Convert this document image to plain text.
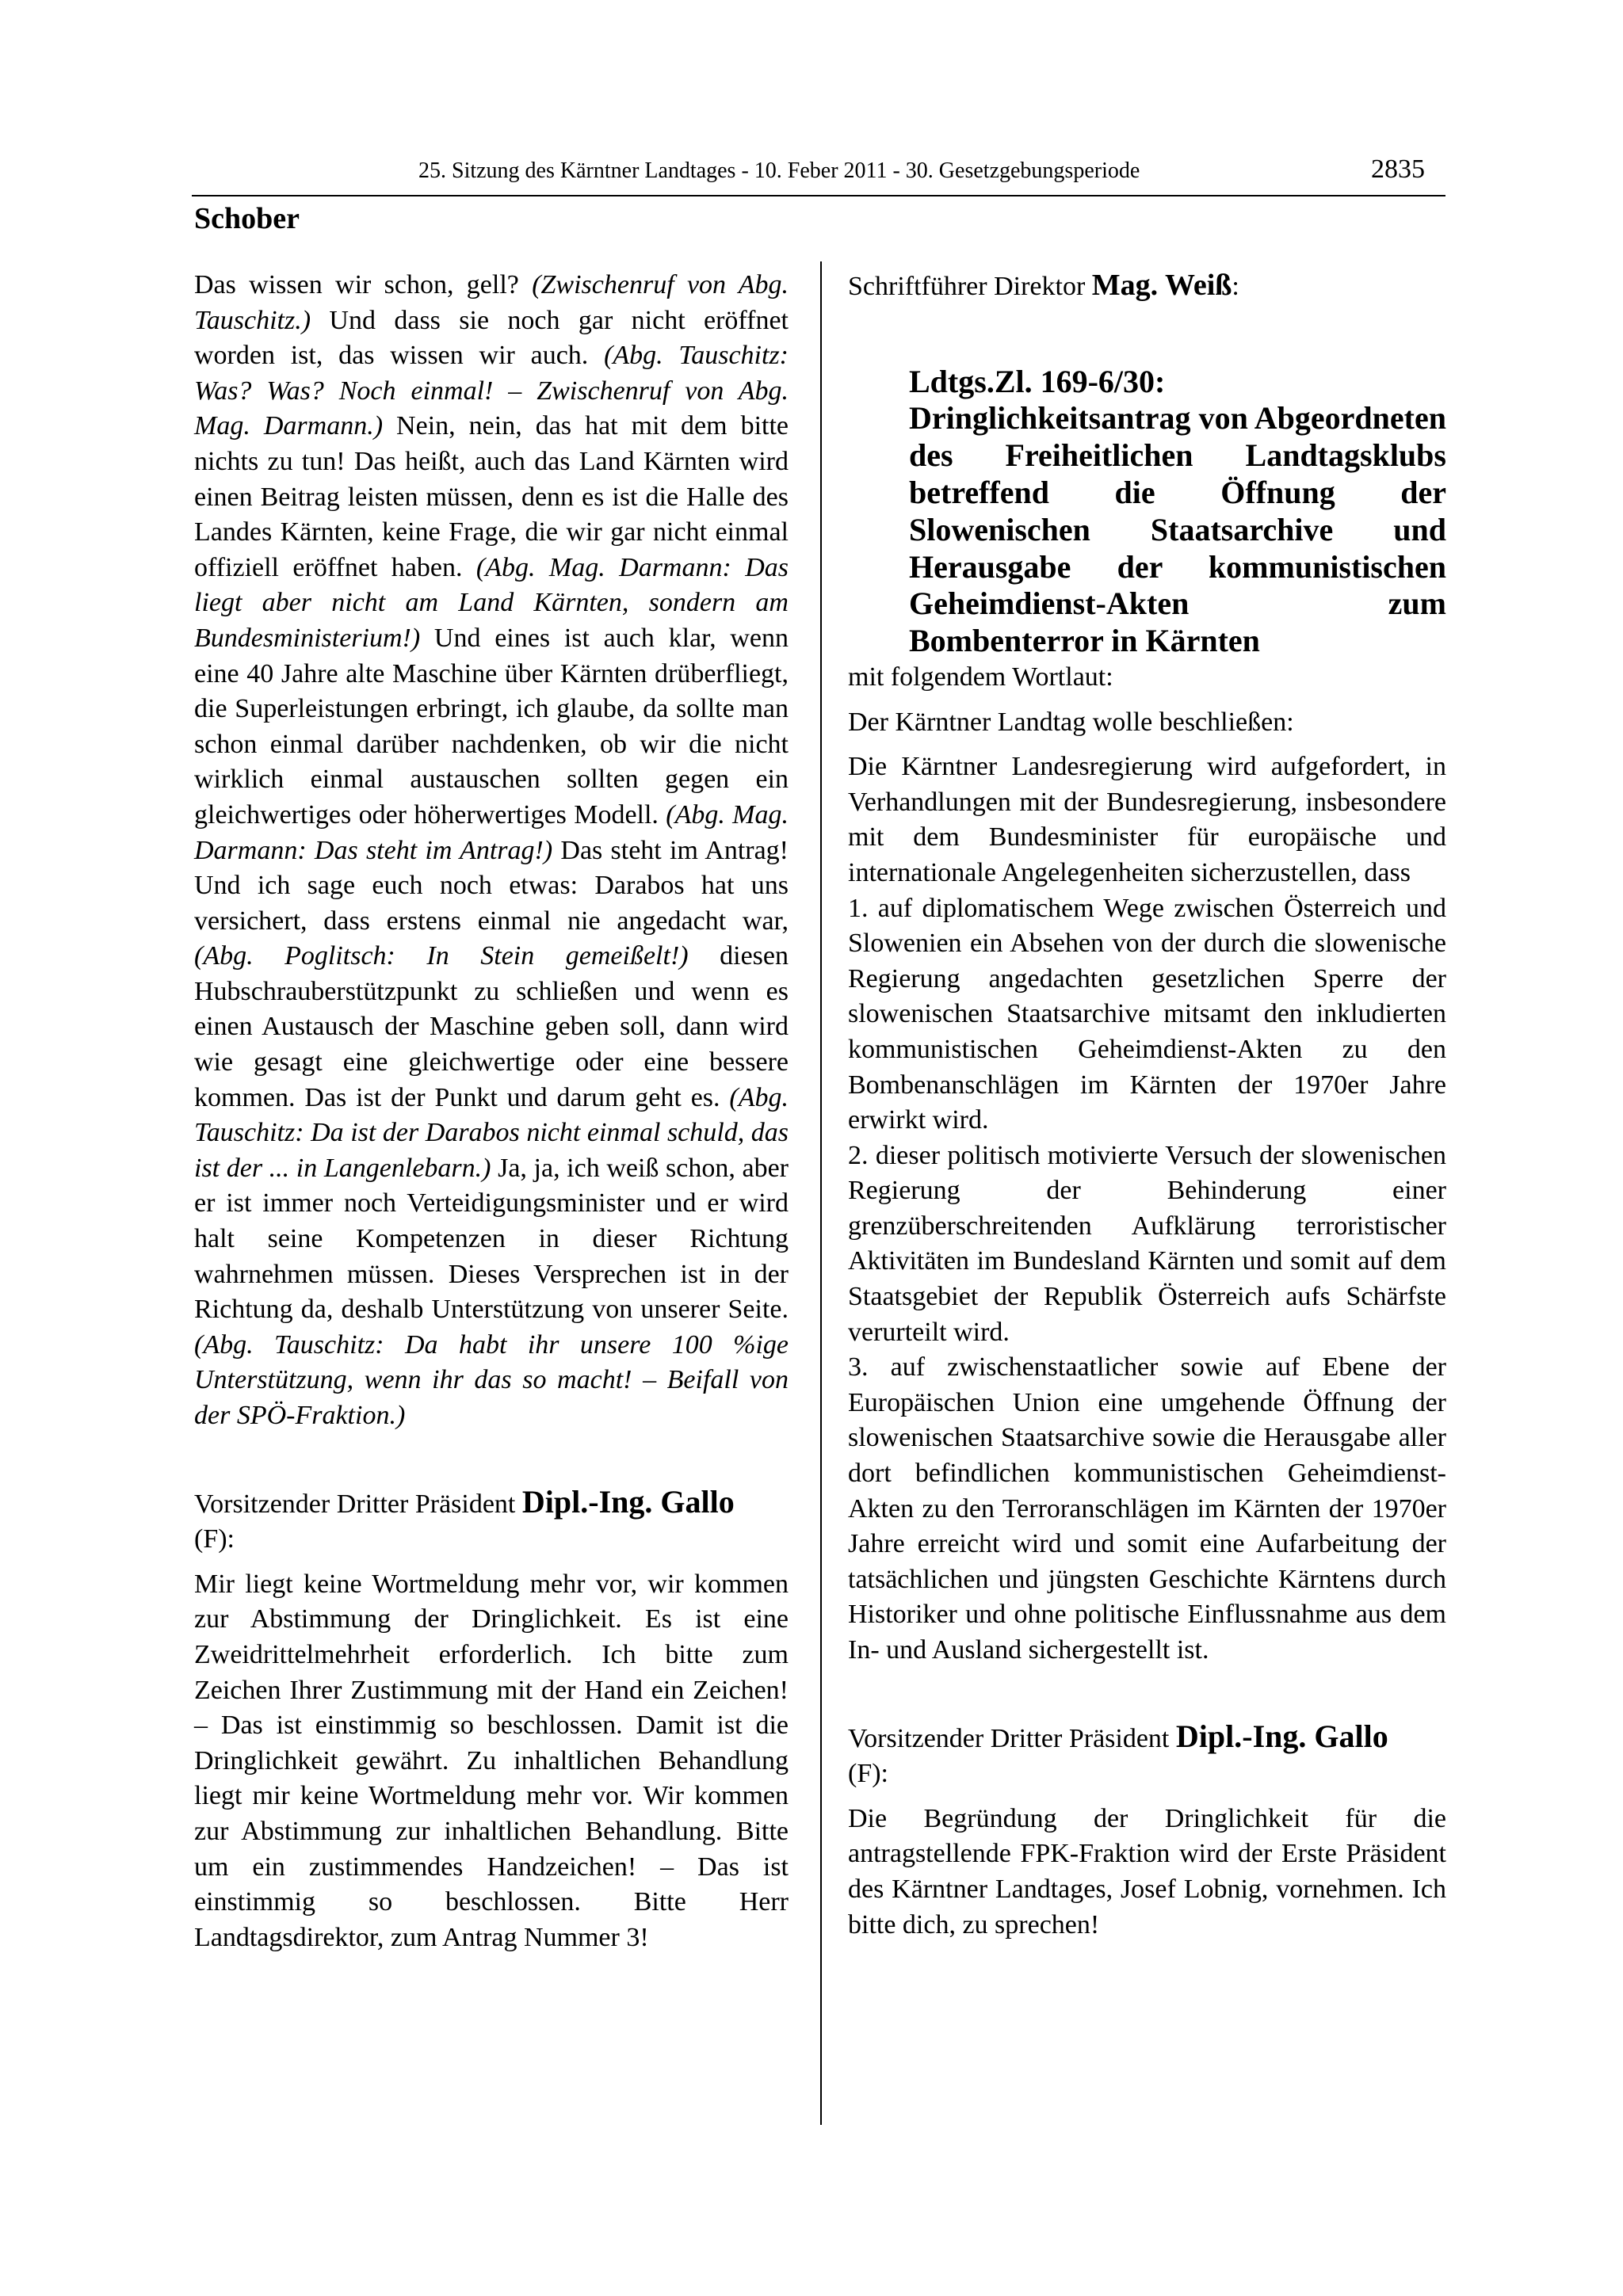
25. Sitzung des Kärntner Landtages - 10. Feber 2011 - 30. Gesetzgebungsperiode	2835
Schober

Das wissen wir schon, gell? (Zwischenruf von Abg. Tauschitz.) Und dass sie noch gar nicht eröffnet worden ist, das wissen wir auch. (Abg. Tauschitz: Was? Was? Noch einmal! – Zwischenruf von Abg. Mag. Darmann.) Nein, nein, das hat mit dem bitte nichts zu tun! Das heißt, auch das Land Kärnten wird einen Beitrag leisten müssen, denn es ist die Halle des Landes Kärnten, keine Frage, die wir gar nicht einmal offiziell eröffnet haben. (Abg. Mag. Darmann: Das liegt aber nicht am Land Kärnten, sondern am Bundesministerium!) Und eines ist auch klar, wenn eine 40 Jahre alte Maschine über Kärnten drüberfliegt, die Superleistungen erbringt, ich glaube, da sollte man schon einmal darüber nachdenken, ob wir die nicht wirklich einmal austauschen sollten gegen ein gleichwertiges oder höherwertiges Modell. (Abg. Mag. Darmann: Das steht im Antrag!) Das steht im Antrag! Und ich sage euch noch etwas: Darabos hat uns versichert, dass erstens einmal nie angedacht war, (Abg. Poglitsch: In Stein gemeißelt!) diesen Hubschrauberstützpunkt zu schließen und wenn es einen Austausch der Maschine geben soll, dann wird wie gesagt eine gleichwertige oder eine bessere kommen. Das ist der Punkt und darum geht es. (Abg. Tauschitz: Da ist der Darabos nicht einmal schuld, das ist der ... in Langenlebarn.) Ja, ja, ich weiß schon, aber er ist immer noch Verteidigungsminister und er wird halt seine Kompetenzen in dieser Richtung wahrnehmen müssen. Dieses Versprechen ist in der Richtung da, deshalb Unterstützung von unserer Seite. (Abg. Tauschitz: Da habt ihr unsere 100 %ige Unterstützung, wenn ihr das so macht! – Beifall von der SPÖ-Fraktion.)

Vorsitzender Dritter Präsident Dipl.-Ing. Gallo
(F):

Mir liegt keine Wortmeldung mehr vor, wir kommen zur Abstimmung der Dringlichkeit. Es ist eine Zweidrittelmehrheit erforderlich. Ich bitte zum Zeichen Ihrer Zustimmung mit der Hand ein Zeichen! – Das ist einstimmig so beschlossen. Damit ist die Dringlichkeit gewährt. Zu inhaltlichen Behandlung liegt mir keine Wortmeldung mehr vor. Wir kommen zur Abstimmung zur inhaltlichen Behandlung. Bitte um ein zustimmendes Handzeichen! – Das ist einstimmig so beschlossen. Bitte Herr Landtagsdirektor, zum Antrag Nummer 3!

Schriftführer Direktor Mag. Weiß:

Ldtgs.Zl. 169-6/30:
Dringlichkeitsantrag von Abgeordneten des Freiheitlichen Landtagsklubs betreffend die Öffnung der Slowenischen Staatsarchive und Herausgabe der kommunistischen Geheimdienst-Akten zum Bombenterror in Kärnten

mit folgendem Wortlaut:

Der Kärntner Landtag wolle beschließen:

Die Kärntner Landesregierung wird aufgefordert, in Verhandlungen mit der Bundesregierung, insbesondere mit dem Bundesminister für europäische und internationale Angelegenheiten sicherzustellen, dass

1. auf diplomatischem Wege zwischen Österreich und Slowenien ein Absehen von der durch die slowenische Regierung angedachten gesetzlichen Sperre der slowenischen Staatsarchive mitsamt den inkludierten kommunistischen Geheimdienst-Akten zu den Bombenanschlägen im Kärnten der 1970er Jahre erwirkt wird.

2. dieser politisch motivierte Versuch der slowenischen Regierung der Behinderung einer grenzüberschreitenden Aufklärung terroristischer Aktivitäten im Bundesland Kärnten und somit auf dem Staatsgebiet der Republik Österreich aufs Schärfste verurteilt wird.

3. auf zwischenstaatlicher sowie auf Ebene der Europäischen Union eine umgehende Öffnung der slowenischen Staatsarchive sowie die Herausgabe aller dort befindlichen kommunistischen Geheimdienst-Akten zu den Terroranschlägen im Kärnten der 1970er Jahre erreicht wird und somit eine Aufarbeitung der tatsächlichen und jüngsten Geschichte Kärntens durch Historiker und ohne politische Einflussnahme aus dem In- und Ausland sichergestellt ist.

Vorsitzender Dritter Präsident Dipl.-Ing. Gallo
(F):

Die Begründung der Dringlichkeit für die antragstellende FPK-Fraktion wird der Erste Präsident des Kärntner Landtages, Josef Lobnig, vornehmen. Ich bitte dich, zu sprechen!
